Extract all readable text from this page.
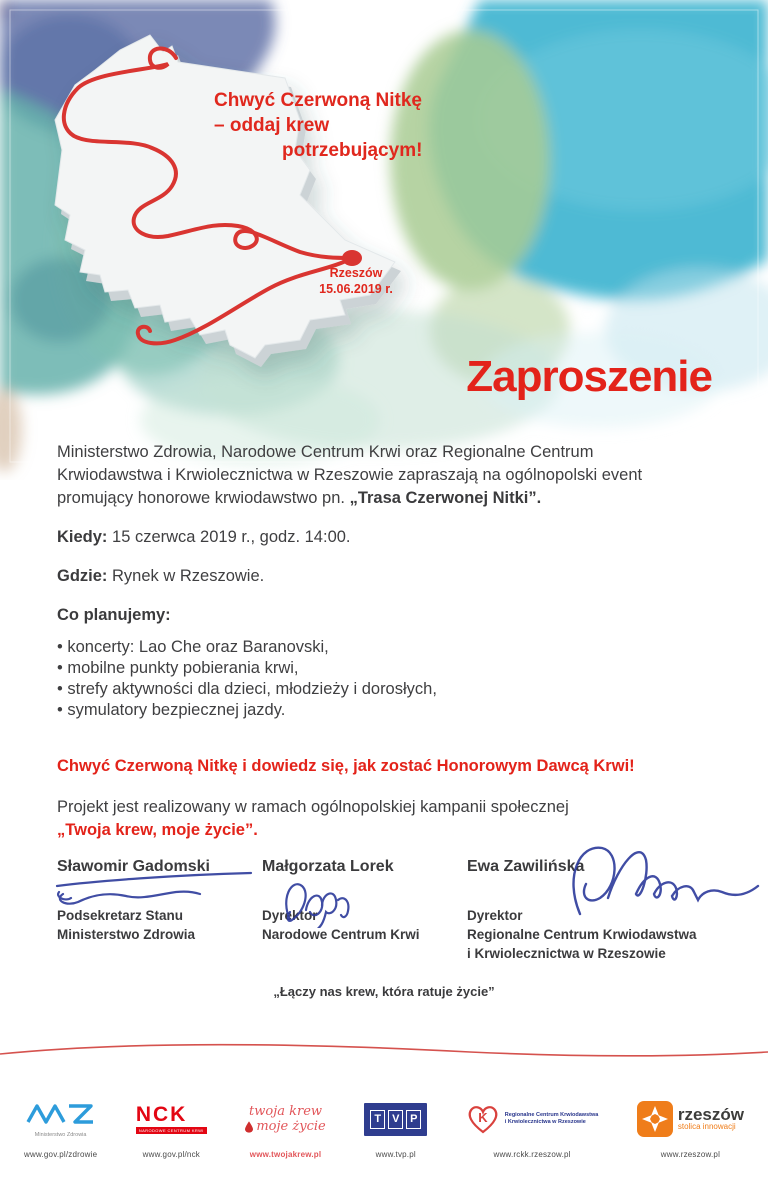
Chwyć Czerwoną Nitkę
– oddaj krew
potrzebującym!
Rzeszów
15.06.2019 r.
Zaproszenie

Ministerstwo Zdrowia, Narodowe Centrum Krwi oraz Regionalne Centrum
Krwiodawstwa i Krwiolecznictwa w Rzeszowie zapraszają na ogólnopolski event
promujący honorowe krwiodawstwo pn. „Trasa Czerwonej Nitki”.

Kiedy: 15 czerwca 2019 r., godz. 14:00.

Gdzie: Rynek w Rzeszowie.

Co planujemy:

• koncerty: Lao Che oraz Baranovski,
• mobilne punkty pobierania krwi,
• strefy aktywności dla dzieci, młodzieży i dorosłych,
• symulatory bezpiecznej jazdy.

Chwyć Czerwoną Nitkę i dowiedz się, jak zostać Honorowym Dawcą Krwi!

Projekt jest realizowany w ramach ogólnopolskiej kampanii społecznej
„Twoja krew, moje życie”.

Sławomir Gadomski
Podsekretarz Stanu
Ministerstwo Zdrowia
Małgorzata Lorek
Dyrektor
Narodowe Centrum Krwi
Ewa Zawilińska
Dyrektor
Regionalne Centrum Krwiodawstwa
i Krwiolecznictwa w Rzeszowie
„Łączy nas krew, która ratuje życie”
Ministerstwo Zdrowia
www.gov.pl/zdrowie
NCK
NARODOWE CENTRUM KRWI
www.gov.pl/nck
twoja krew
moje życie
www.twojakrew.pl
T V P
www.tvp.pl
K	Regionalne Centrum Krwiodawstwa
i Krwiolecznictwa w Rzeszowie
www.rckk.rzeszow.pl
rzeszów
stolica innowacji
www.rzeszow.pl
